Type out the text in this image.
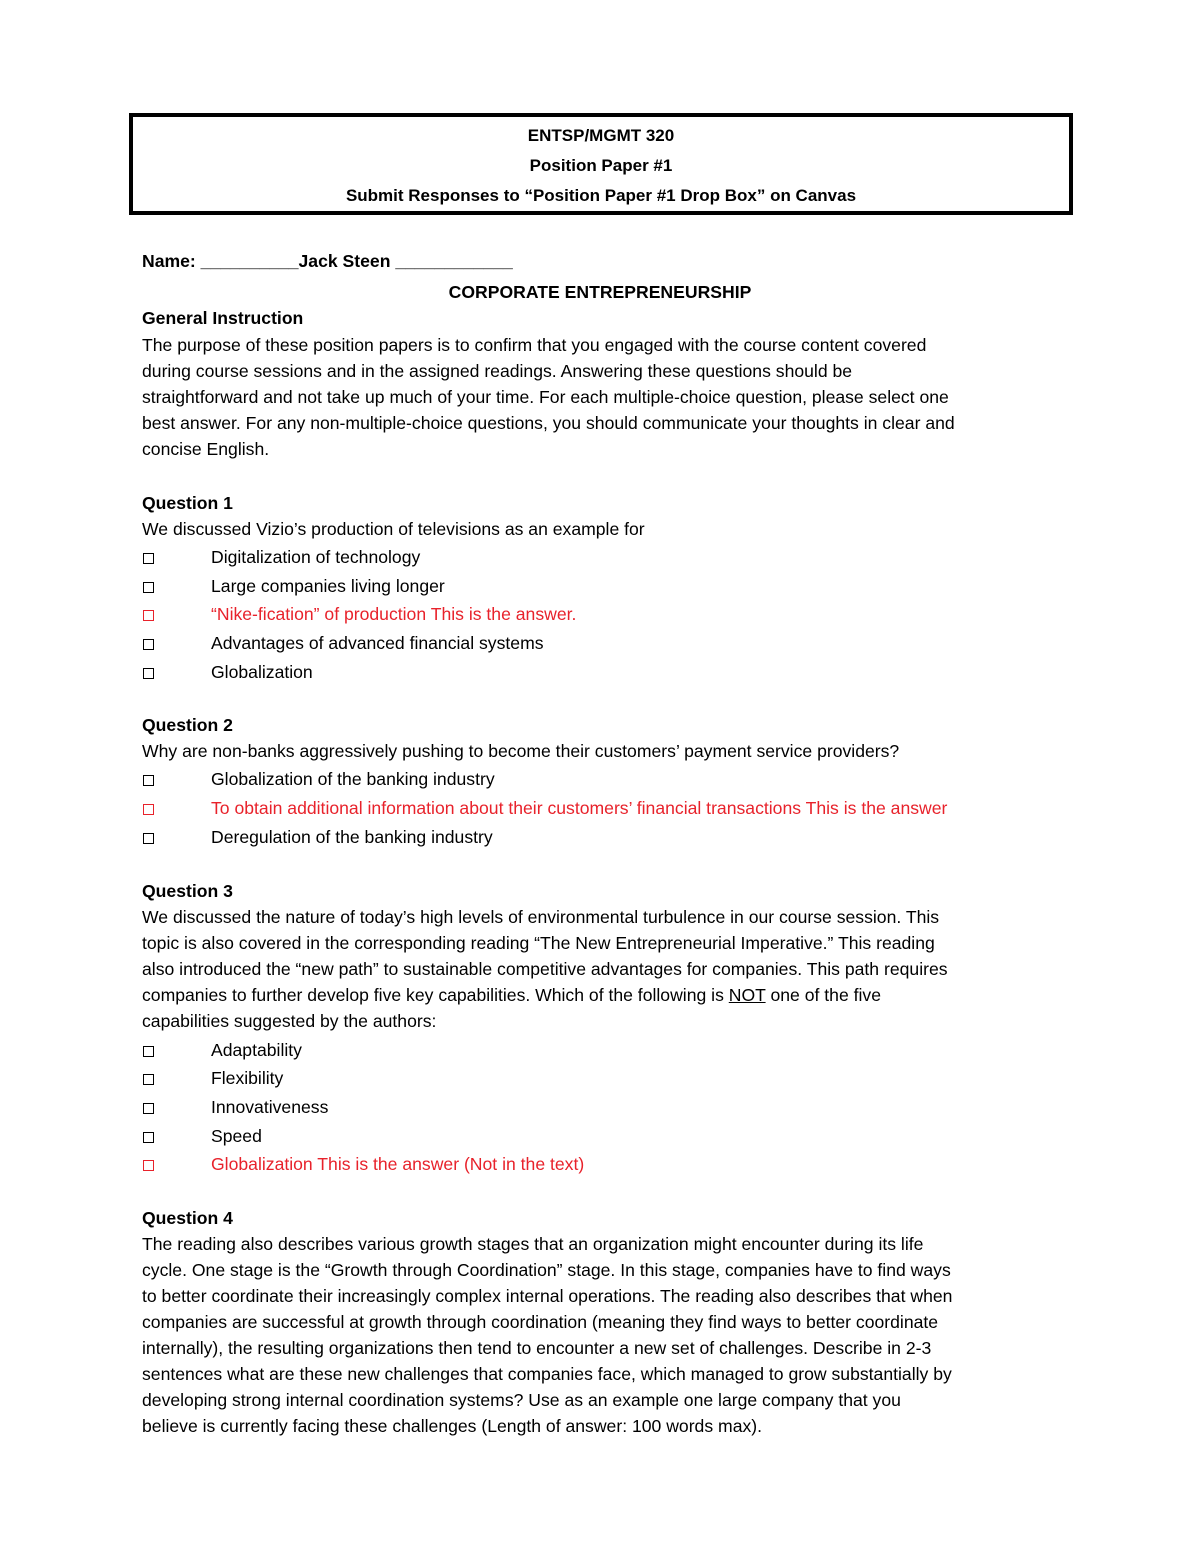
ENTSP/MGMT 320
Position Paper #1
Submit Responses to “Position Paper #1 Drop Box” on Canvas
Name: __________Jack Steen ____________
CORPORATE ENTREPRENEURSHIP
General Instruction
The purpose of these position papers is to confirm that you engaged with the course content covered
during course sessions and in the assigned readings. Answering these questions should be
straightforward and not take up much of your time. For each multiple-choice question, please select one
best answer. For any non-multiple-choice questions, you should communicate your thoughts in clear and
concise English.
Question 1
We discussed Vizio’s production of televisions as an example for
Digitalization of technology
Large companies living longer
“Nike-fication” of production This is the answer.
Advantages of advanced financial systems
Globalization
Question 2
Why are non-banks aggressively pushing to become their customers’ payment service providers?
Globalization of the banking industry
To obtain additional information about their customers’ financial transactions This is the answer
Deregulation of the banking industry
Question 3
We discussed the nature of today’s high levels of environmental turbulence in our course session. This
topic is also covered in the corresponding reading “The New Entrepreneurial Imperative.” This reading
also introduced the “new path” to sustainable competitive advantages for companies. This path requires
companies to further develop five key capabilities. Which of the following is NOT one of the five
capabilities suggested by the authors:
Adaptability
Flexibility
Innovativeness
Speed
Globalization This is the answer (Not in the text)
Question 4
The reading also describes various growth stages that an organization might encounter during its life
cycle. One stage is the “Growth through Coordination” stage. In this stage, companies have to find ways
to better coordinate their increasingly complex internal operations. The reading also describes that when
companies are successful at growth through coordination (meaning they find ways to better coordinate
internally), the resulting organizations then tend to encounter a new set of challenges. Describe in 2-3
sentences what are these new challenges that companies face, which managed to grow substantially by
developing strong internal coordination systems? Use as an example one large company that you
believe is currently facing these challenges (Length of answer: 100 words max).
